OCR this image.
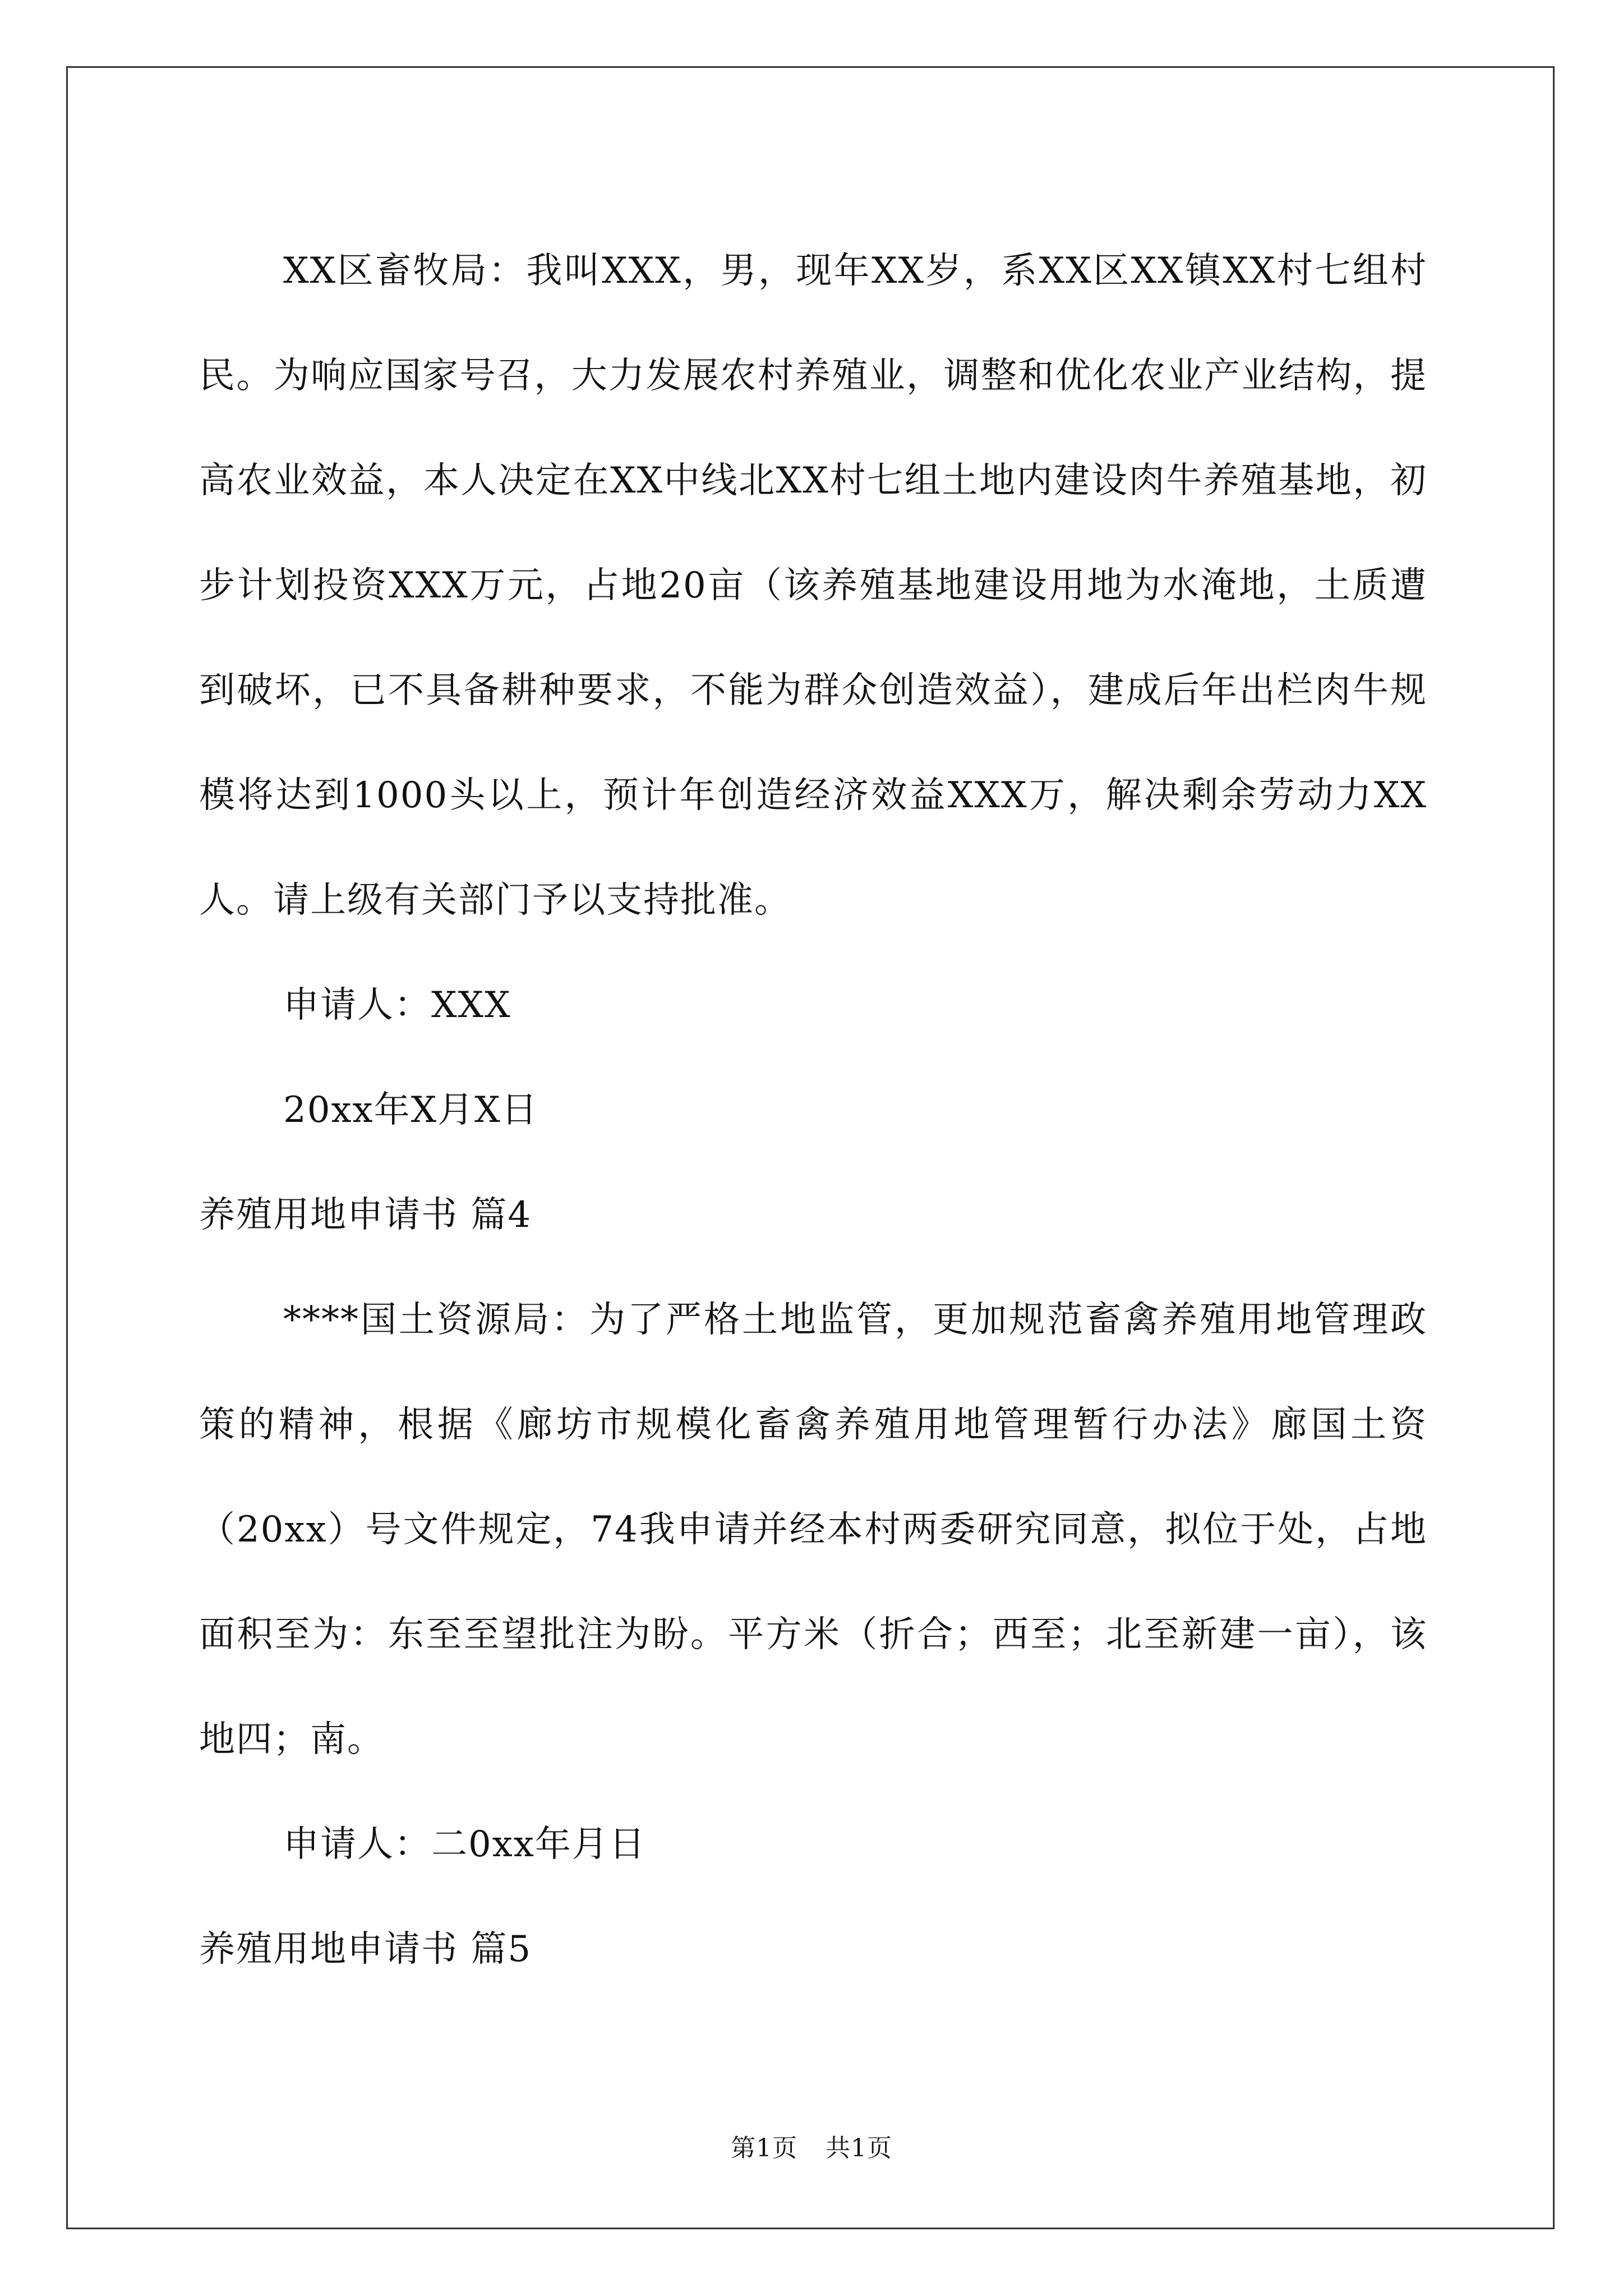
XX区畜牧局：我叫XXX，男，现年XX岁，系XX区XX镇XX村七组村民。为响应国家号召，大力发展农村养殖业，调整和优化农业产业结构，提高农业效益，本人决定在XX中线北XX村七组土地内建设肉牛养殖基地，初步计划投资XXX万元，占地20亩（该养殖基地建设用地为水淹地，土质遭到破坏，已不具备耕种要求，不能为群众创造效益），建成后年出栏肉牛规模将达到1000头以上，预计年创造经济效益XXX万，解决剩余劳动力XX人。请上级有关部门予以支持批准。

申请人：XXX

20xx年X月X日

养殖用地申请书 篇4

****国土资源局：为了严格土地监管，更加规范畜禽养殖用地管理政策的精神，根据《廊坊市规模化畜禽养殖用地管理暂行办法》廊国土资（20xx）号文件规定，74我申请并经本村两委研究同意，拟位于处，占地面积至为：东至至望批注为盼。平方米（折合；西至；北至新建一亩），该地四；南。

申请人：二0xx年月日

养殖用地申请书 篇5

第1页 共1页
